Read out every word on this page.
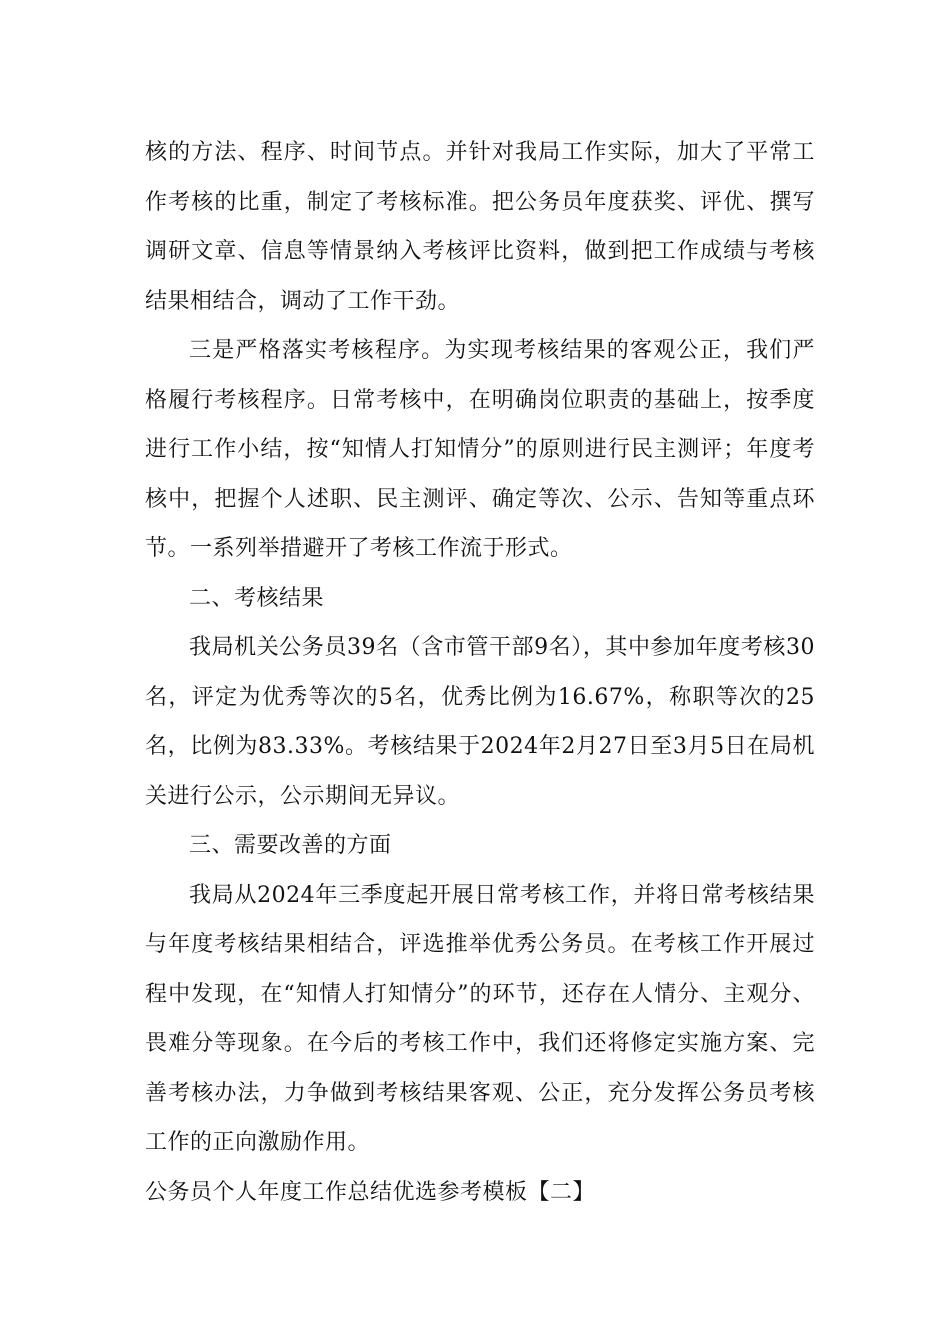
核的方法、程序、时间节点。并针对我局工作实际，加大了平常工作考核的比重，制定了考核标准。把公务员年度获奖、评优、撰写调研文章、信息等情景纳入考核评比资料，做到把工作成绩与考核结果相结合，调动了工作干劲。

三是严格落实考核程序。为实现考核结果的客观公正，我们严格履行考核程序。日常考核中，在明确岗位职责的基础上，按季度进行工作小结，按“知情人打知情分”的原则进行民主测评；年度考核中，把握个人述职、民主测评、确定等次、公示、告知等重点环节。一系列举措避开了考核工作流于形式。

二、考核结果

我局机关公务员39名（含市管干部9名），其中参加年度考核30名，评定为优秀等次的5名，优秀比例为16.67%，称职等次的25名，比例为83.33%。考核结果于2024年2月27日至3月5日在局机关进行公示，公示期间无异议。

三、需要改善的方面

我局从2024年三季度起开展日常考核工作，并将日常考核结果与年度考核结果相结合，评选推举优秀公务员。在考核工作开展过程中发现，在“知情人打知情分”的环节，还存在人情分、主观分、畏难分等现象。在今后的考核工作中，我们还将修定实施方案、完善考核办法，力争做到考核结果客观、公正，充分发挥公务员考核工作的正向激励作用。

公务员个人年度工作总结优选参考模板【二】
